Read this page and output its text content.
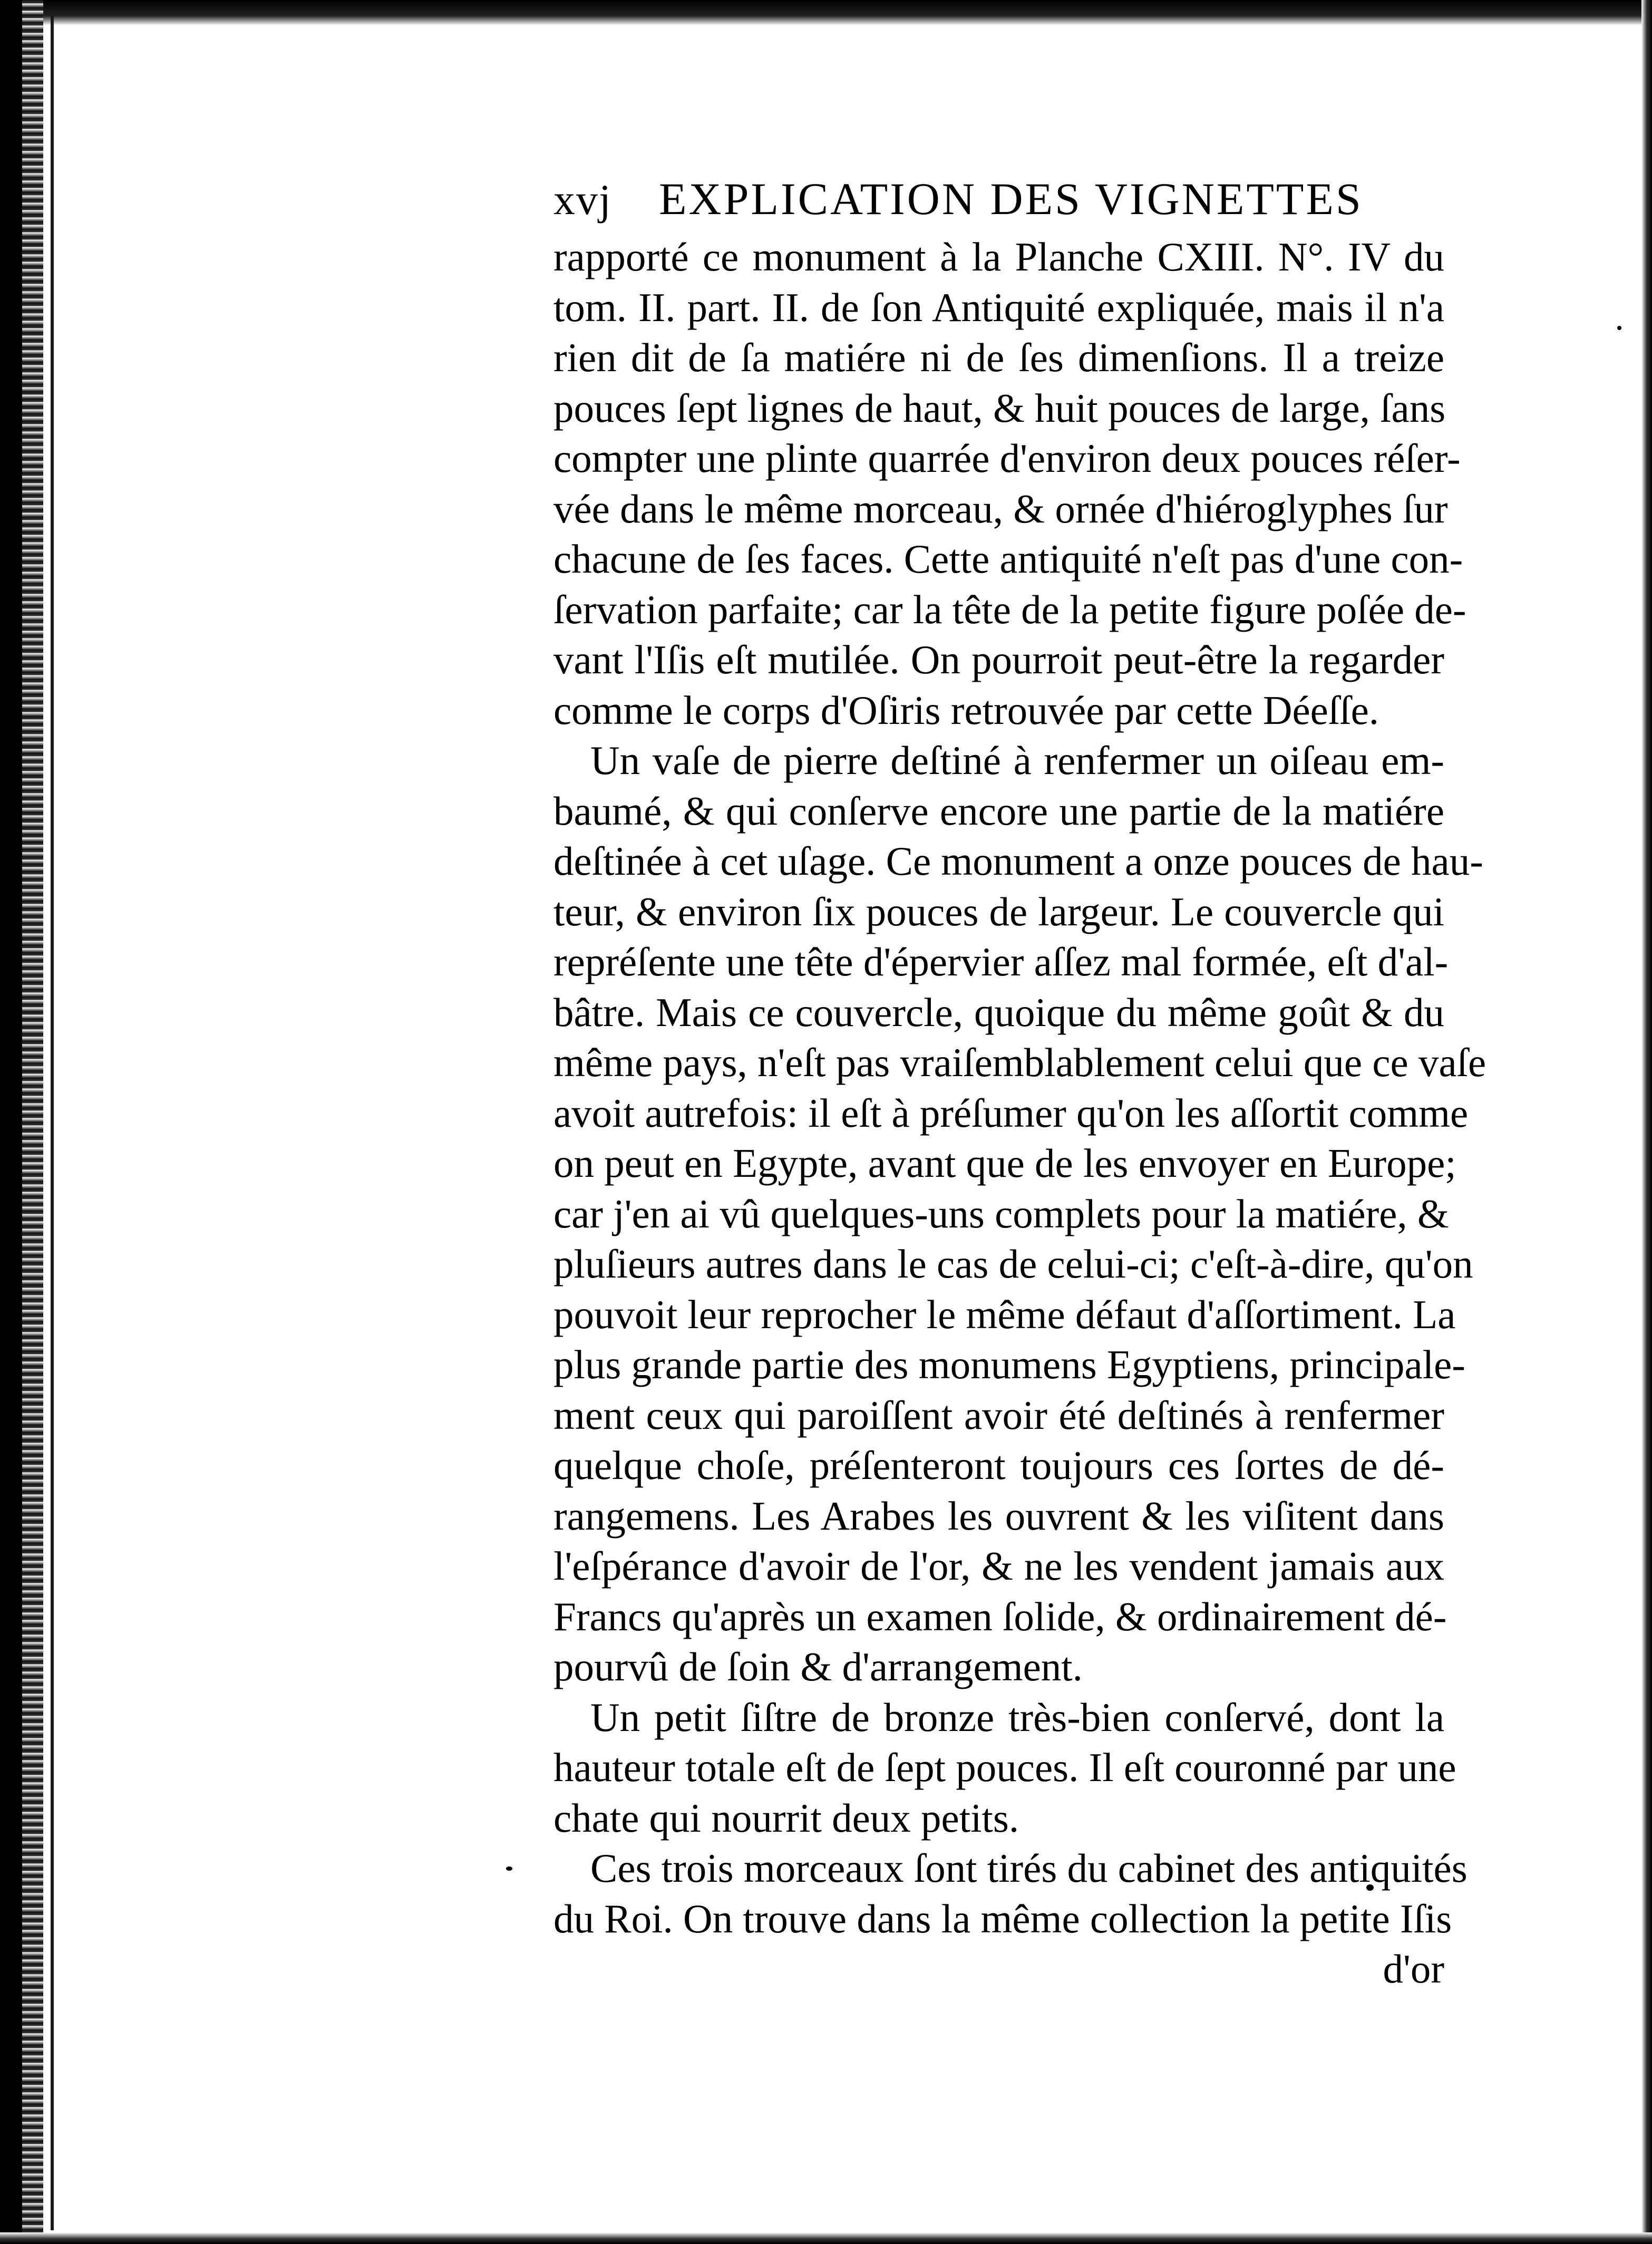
xvj	EXPLICATION DES VIGNETTES
rapporté ce monument à la Planche CXIII. N°. IV du
tom. II. part. II. de ſon Antiquité expliquée, mais il n'a
rien dit de ſa matiére ni de ſes dimenſions. Il a treize
pouces ſept lignes de haut, & huit pouces de large, ſans
compter une plinte quarrée d'environ deux pouces réſer-
vée dans le même morceau, & ornée d'hiéroglyphes ſur
chacune de ſes faces. Cette antiquité n'eſt pas d'une con-
ſervation parfaite; car la tête de la petite figure poſée de-
vant l'Iſis eſt mutilée. On pourroit peut-être la regarder
comme le corps d'Oſiris retrouvée par cette Déeſſe.
Un vaſe de pierre deſtiné à renfermer un oiſeau em-
baumé, & qui conſerve encore une partie de la matiére
deſtinée à cet uſage. Ce monument a onze pouces de hau-
teur, & environ ſix pouces de largeur. Le couvercle qui
repréſente une tête d'épervier aſſez mal formée, eſt d'al-
bâtre. Mais ce couvercle, quoique du même goût & du
même pays, n'eſt pas vraiſemblablement celui que ce vaſe
avoit autrefois: il eſt à préſumer qu'on les aſſortit comme
on peut en Egypte, avant que de les envoyer en Europe;
car j'en ai vû quelques-uns complets pour la matiére, &
pluſieurs autres dans le cas de celui-ci; c'eſt-à-dire, qu'on
pouvoit leur reprocher le même défaut d'aſſortiment. La
plus grande partie des monumens Egyptiens, principale-
ment ceux qui paroiſſent avoir été deſtinés à renfermer
quelque choſe, préſenteront toujours ces ſortes de dé-
rangemens. Les Arabes les ouvrent & les viſitent dans
l'eſpérance d'avoir de l'or, & ne les vendent jamais aux
Francs qu'après un examen ſolide, & ordinairement dé-
pourvû de ſoin & d'arrangement.
Un petit ſiſtre de bronze très-bien conſervé, dont la
hauteur totale eſt de ſept pouces. Il eſt couronné par une
chate qui nourrit deux petits.
Ces trois morceaux ſont tirés du cabinet des antiquités
du Roi. On trouve dans la même collection la petite Iſis
d'or
